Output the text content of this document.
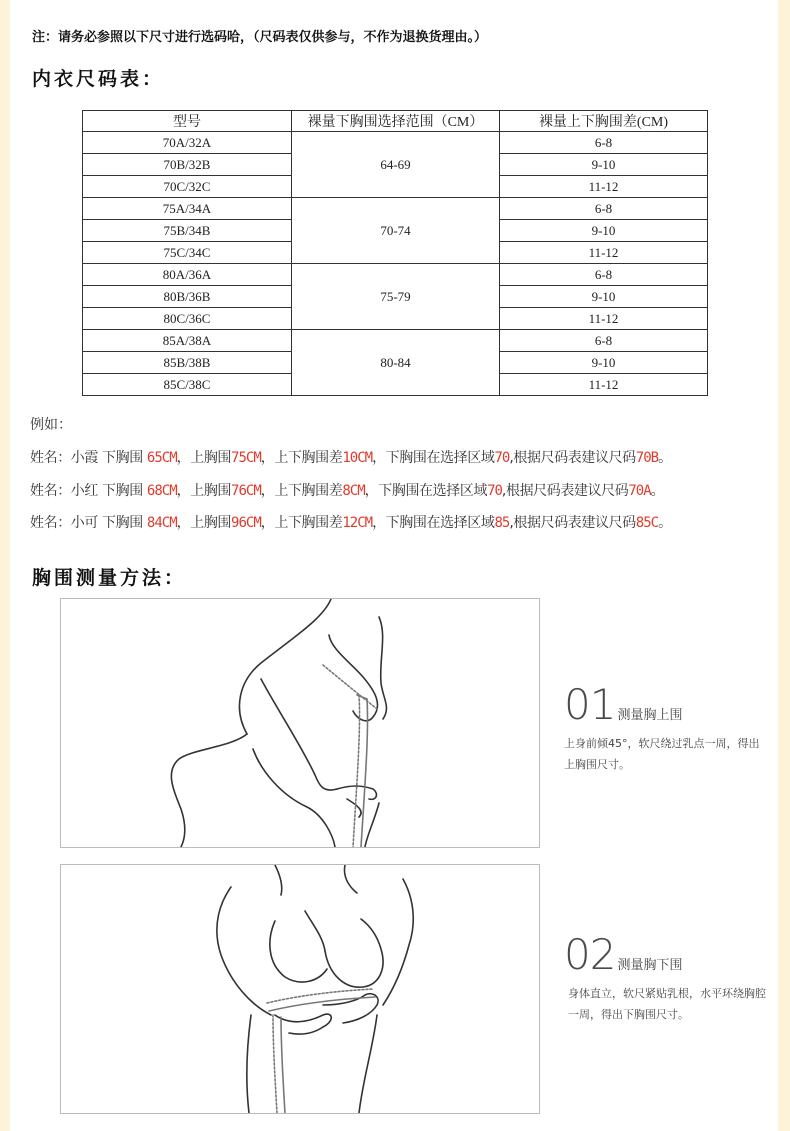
注：请务必参照以下尺寸进行选码哈，（尺码表仅供参与，不作为退换货理由。）
内衣尺码表：
型号	裸量下胸围选择范围（CM）	裸量上下胸围差(CM)
70A/32A	64-69	6-8
70B/32B		9-10
70C/32C		11-12
75A/34A	70-74	6-8
75B/34B		9-10
75C/34C		11-12
80A/36A	75-79	6-8
80B/36B		9-10
80C/36C		11-12
85A/38A	80-84	6-8
85B/38B		9-10
85C/38C		11-12
例如：
姓名：小霞 下胸围 65CM，上胸围75CM，上下胸围差10CM，下胸围在选择区域70,根据尺码表建议尺码70B。
姓名：小红 下胸围 68CM，上胸围76CM，上下胸围差8CM，下胸围在选择区域70,根据尺码表建议尺码70A。
姓名：小可 下胸围 84CM，上胸围96CM，上下胸围差12CM，下胸围在选择区域85,根据尺码表建议尺码85C。
胸围测量方法：
01 测量胸上围
上身前倾45°，软尺绕过乳点一周，得出上胸围尺寸。
02 测量胸下围
身体直立，软尺紧贴乳根，水平环绕胸腔一周，得出下胸围尺寸。
